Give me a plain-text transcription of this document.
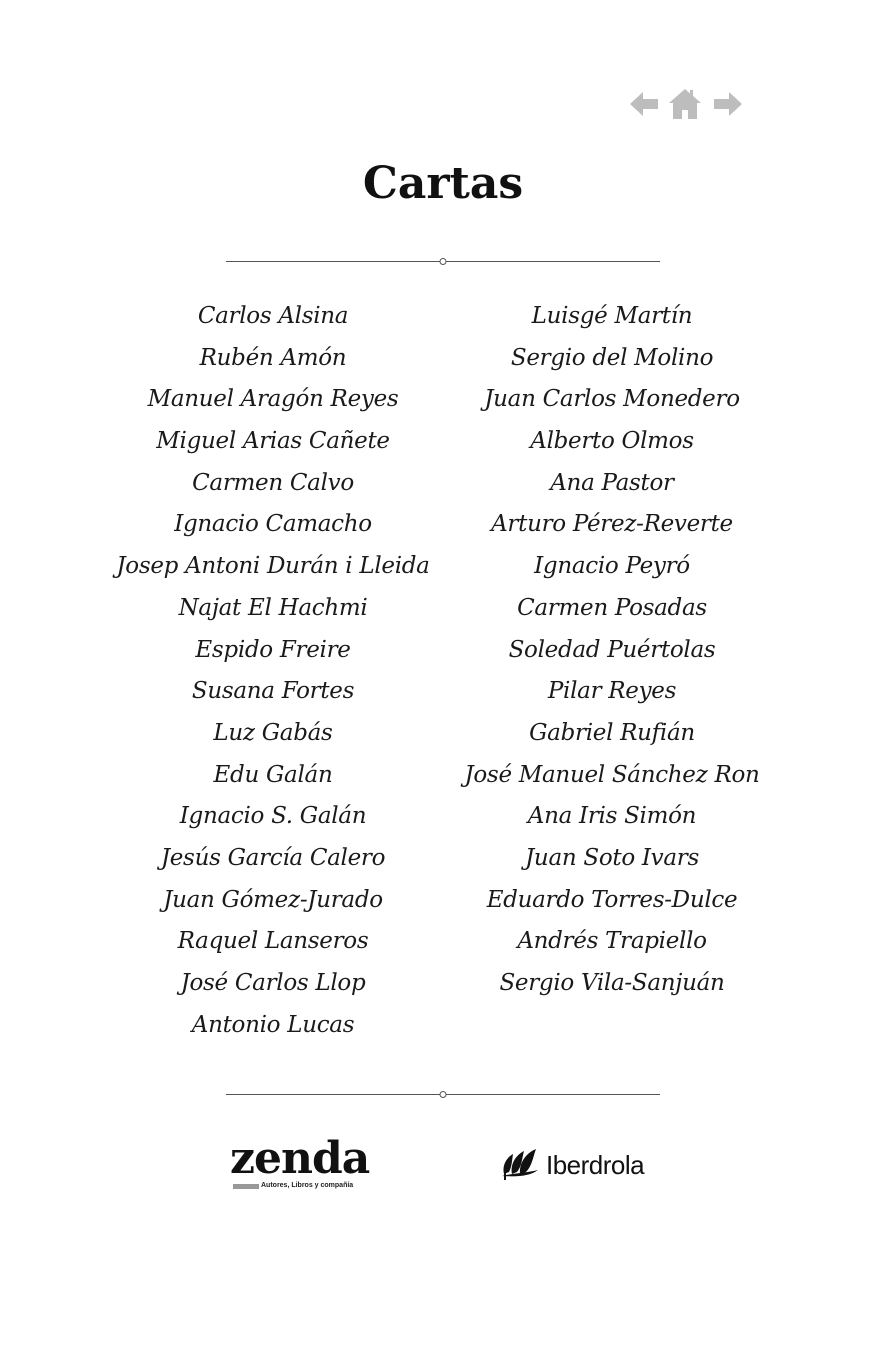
Cartas
Carlos Alsina
Rubén Amón
Manuel Aragón Reyes
Miguel Arias Cañete
Carmen Calvo
Ignacio Camacho
Josep Antoni Durán i Lleida
Najat El Hachmi
Espido Freire
Susana Fortes
Luz Gabás
Edu Galán
Ignacio S. Galán
Jesús García Calero
Juan Gómez-Jurado
Raquel Lanseros
José Carlos Llop
Antonio Lucas
Luisgé Martín
Sergio del Molino
Juan Carlos Monedero
Alberto Olmos
Ana Pastor
Arturo Pérez-Reverte
Ignacio Peyró
Carmen Posadas
Soledad Puértolas
Pilar Reyes
Gabriel Rufián
José Manuel Sánchez Ron
Ana Iris Simón
Juan Soto Ivars
Eduardo Torres-Dulce
Andrés Trapiello
Sergio Vila-Sanjuán
zenda
Autores, Libros y compañía
Iberdrola
